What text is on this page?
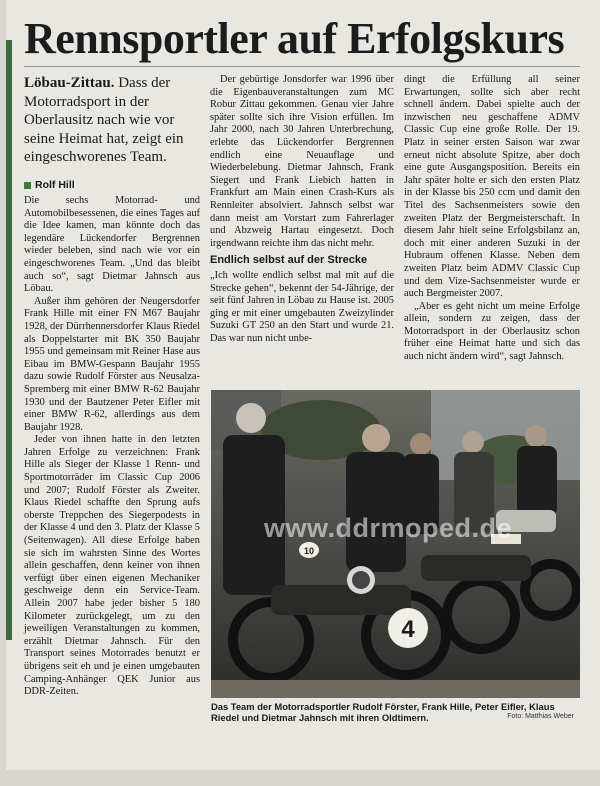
Rennsportler auf Erfolgskurs
Löbau-Zittau. Dass der Motorradsport in der Oberlausitz nach wie vor seine Heimat hat, zeigt ein eingeschworenes Team.
Rolf Hill

Die sechs Motorrad- und Automobilbesessenen, die eines Tages auf die Idee kamen, man könnte doch das legendäre Lückendorfer Bergrennen wieder beleben, sind nach wie vor ein eingeschworenes Team. „Und das bleibt auch so“, sagt Dietmar Jahnsch aus Löbau.

Außer ihm gehören der Neugersdorfer Frank Hille mit einer FN M67 Baujahr 1928, der Dürrhennersdorfer Klaus Riedel als Doppelstarter mit BK 350 Baujahr 1955 und gemeinsam mit Reiner Hase aus Eibau im BMW-Gespann Baujahr 1955 dazu sowie Rudolf Förster aus Neusalza-Spremberg mit einer BMW R-62 Baujahr 1930 und der Bautzener Peter Eifler mit einer BMW R-62, allerdings aus dem Baujahr 1928.

Jeder von ihnen hatte in den letzten Jahren Erfolge zu verzeichnen: Frank Hille als Sieger der Klasse 1 Renn- und Sportmotorräder im Classic Cup 2006 und 2007; Rudolf Förster als Zweiter. Klaus Riedel schaffte den Sprung aufs oberste Treppchen des Siegerpodests in der Klasse 4 und den 3. Platz der Klasse 5 (Seitenwagen). All diese Erfolge haben sie sich im wahrsten Sinne des Wortes allein geschaffen, denn keiner von ihnen verfügt über einen eigenen Mechaniker geschweige denn ein Service-Team. Allein 2007 habe jeder bisher 5 180 Kilometer zurückgelegt, um zu den jeweiligen Veranstaltungen zu kommen, erzählt Dietmar Jahnsch. Für den Transport seines Motorrades benutzt er übrigens seit eh und je einen umgebauten Camping-Anhänger QEK Junior aus DDR-Zeiten.

Der gebürtige Jonsdorfer war 1996 über die Eigenbauveranstaltungen zum MC Robur Zittau gekommen. Genau vier Jahre später sollte sich ihre Vision erfüllen. Im Jahr 2000, nach 30 Jahren Unterbrechung, erlebte das Lückendorfer Bergrennen endlich eine Neuauflage und Wiederbelebung. Dietmar Jahnsch, Frank Siegert und Frank Liebich hatten in Frankfurt am Main einen Crash-Kurs als Rennleiter absolviert. Jahnsch selbst war dann meist am Vorstart zum Fahrerlager und Abzweig Hartau eingesetzt. Doch irgendwann reichte ihm das nicht mehr.

Endlich selbst auf der Strecke

„Ich wollte endlich selbst mal mit auf die Strecke gehen“, bekennt der 54-Jährige, der seit fünf Jahren in Löbau zu Hause ist. 2005 ging er mit einer umgebauten Zweizylinder Suzuki GT 250 an den Start und wurde 21. Das war nun nicht unbe-

dingt die Erfüllung all seiner Erwartungen, sollte sich aber recht schnell ändern. Dabei spielte auch der inzwischen neu geschaffene ADMV Classic Cup eine große Rolle. Der 19. Platz in seiner ersten Saison war zwar erneut nicht absolute Spitze, aber doch eine gute Ausgangsposition. Bereits ein Jahr später holte er sich den ersten Platz in der Klasse bis 250 ccm und damit den Titel des Sachsenmeisters sowie den zweiten Platz der Bergmeisterschaft. In diesem Jahr hielt seine Erfolgsbilanz an, doch mit einer anderen Suzuki in der Hubraum offenen Klasse. Neben dem zweiten Platz beim ADMV Classic Cup und dem Vize-Sachsenmeister wurde er auch Bergmeister 2007.

„Aber es geht nicht um meine Erfolge allein, sondern zu zeigen, dass der Motorradsport in der Oberlausitz schon früher eine Heimat hatte und sich das auch nicht ändern wird“, sagt Jahnsch.

4
10
www.ddrmoped.de
Das Team der Motorradsportler Rudolf Förster, Frank Hille, Peter Eifler, Klaus Riedel und Dietmar Jahnsch mit ihren Oldtimern.	Foto: Matthias Weber
